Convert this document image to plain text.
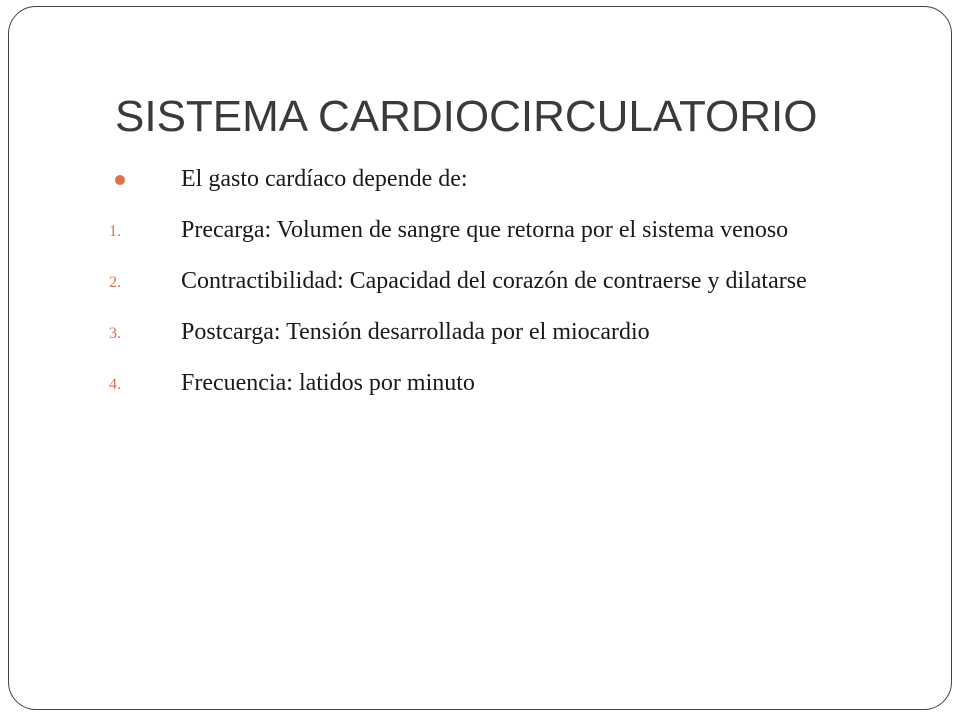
SISTEMA CARDIOCIRCULATORIO
El gasto cardíaco depende de:
1.	Precarga: Volumen de sangre que retorna por el sistema venoso
2.	Contractibilidad: Capacidad del corazón de contraerse y dilatarse
3.	Postcarga: Tensión desarrollada por el miocardio
4.	Frecuencia: latidos por minuto
